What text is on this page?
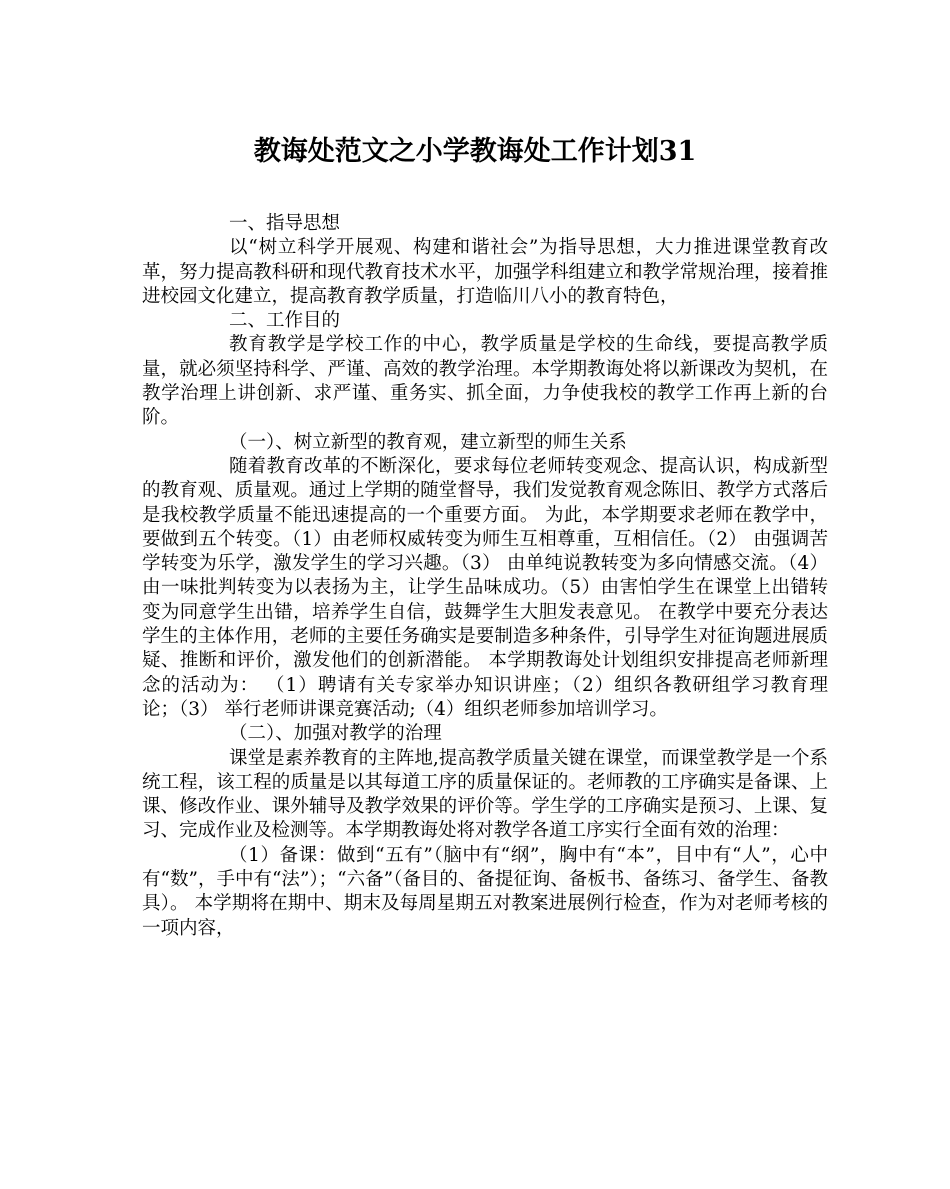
教诲处范文之小学教诲处工作计划31

一、指导思想

以“树立科学开展观、构建和谐社会”为指导思想，大力推进课堂教育改革，努力提高教科研和现代教育技术水平，加强学科组建立和教学常规治理，接着推进校园文化建立，提高教育教学质量，打造临川八小的教育特色，

二、工作目的

教育教学是学校工作的中心，教学质量是学校的生命线，要提高教学质量，就必须坚持科学、严谨、高效的教学治理。本学期教诲处将以新课改为契机，在教学治理上讲创新、求严谨、重务实、抓全面，力争使我校的教学工作再上新的台阶。

（一）、树立新型的教育观，建立新型的师生关系

随着教育改革的不断深化，要求每位老师转变观念、提高认识，构成新型的教育观、质量观。通过上学期的随堂督导，我们发觉教育观念陈旧、教学方式落后是我校教学质量不能迅速提高的一个重要方面。 为此，本学期要求老师在教学中，要做到五个转变。（1）由老师权威转变为师生互相尊重，互相信任。（2） 由强调苦学转变为乐学，激发学生的学习兴趣。（3） 由单纯说教转变为多向情感交流。（4） 由一味批判转变为以表扬为主，让学生品味成功。（5）由害怕学生在课堂上出错转变为同意学生出错，培养学生自信，鼓舞学生大胆发表意见。 在教学中要充分表达学生的主体作用，老师的主要任务确实是要制造多种条件，引导学生对征询题进展质疑、推断和评价，激发他们的创新潜能。 本学期教诲处计划组织安排提高老师新理念的活动为： （1）聘请有关专家举办知识讲座；（2）组织各教研组学习教育理论；（3） 举行老师讲课竞赛活动;（4）组织老师参加培训学习。

（二）、加强对教学的治理

课堂是素养教育的主阵地,提高教学质量关键在课堂，而课堂教学是一个系统工程，该工程的质量是以其每道工序的质量保证的。老师教的工序确实是备课、上课、修改作业、课外辅导及教学效果的评价等。学生学的工序确实是预习、上课、复习、完成作业及检测等。本学期教诲处将对教学各道工序实行全面有效的治理：

（1）备课：做到“五有”（脑中有“纲”，胸中有“本”，目中有“人”，心中有“数”，手中有“法”）；“六备”（备目的、备提征询、备板书、备练习、备学生、备教具）。 本学期将在期中、期末及每周星期五对教案进展例行检查，作为对老师考核的一项内容，
